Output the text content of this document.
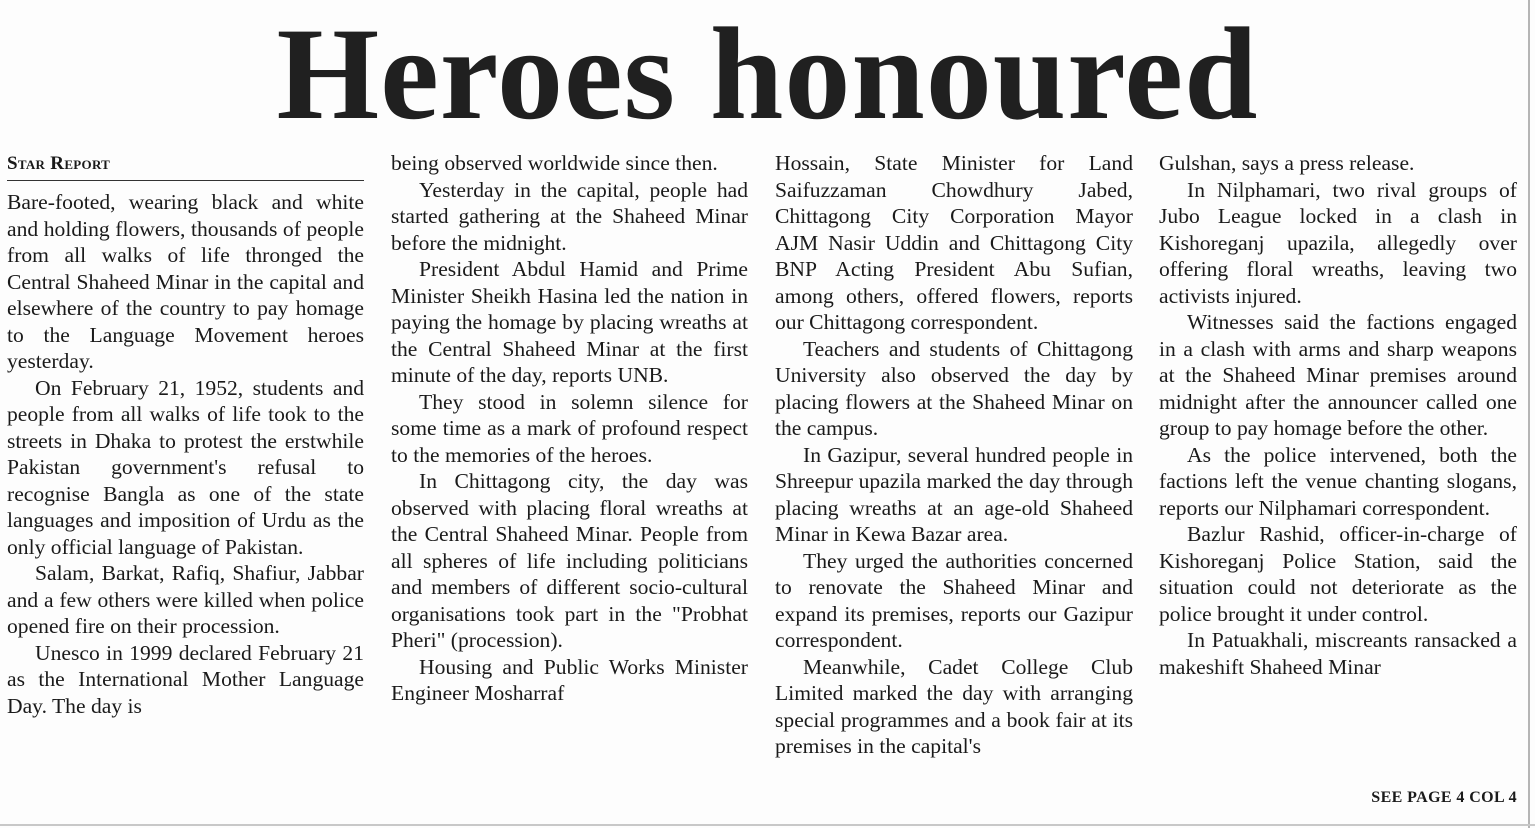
Heroes honoured
Star Report

Bare-footed, wearing black and white and holding flowers, thousands of people from all walks of life thronged the Central Shaheed Minar in the capital and elsewhere of the country to pay homage to the Language Movement heroes yesterday.

On February 21, 1952, students and people from all walks of life took to the streets in Dhaka to protest the erstwhile Pakistan government's refusal to recognise Bangla as one of the state languages and imposition of Urdu as the only official language of Pakistan.

Salam, Barkat, Rafiq, Shafiur, Jabbar and a few others were killed when police opened fire on their procession.

Unesco in 1999 declared February 21 as the International Mother Language Day. The day is

being observed worldwide since then.

Yesterday in the capital, people had started gathering at the Shaheed Minar before the midnight.

President Abdul Hamid and Prime Minister Sheikh Hasina led the nation in paying the homage by placing wreaths at the Central Shaheed Minar at the first minute of the day, reports UNB.

They stood in solemn silence for some time as a mark of profound respect to the memories of the heroes.

In Chittagong city, the day was observed with placing floral wreaths at the Central Shaheed Minar. People from all spheres of life including politicians and members of different socio-cultural organisations took part in the "Probhat Pheri" (procession).

Housing and Public Works Minister Engineer Mosharraf

Hossain, State Minister for Land Saifuzzaman Chowdhury Jabed, Chittagong City Corporation Mayor AJM Nasir Uddin and Chittagong City BNP Acting President Abu Sufian, among others, offered flowers, reports our Chittagong correspondent.

Teachers and students of Chittagong University also observed the day by placing flowers at the Shaheed Minar on the campus.

In Gazipur, several hundred people in Shreepur upazila marked the day through placing wreaths at an age-old Shaheed Minar in Kewa Bazar area.

They urged the authorities concerned to renovate the Shaheed Minar and expand its premises, reports our Gazipur correspondent.

Meanwhile, Cadet College Club Limited marked the day with arranging special programmes and a book fair at its premises in the capital's

Gulshan, says a press release.

In Nilphamari, two rival groups of Jubo League locked in a clash in Kishoreganj upazila, allegedly over offering floral wreaths, leaving two activists injured.

Witnesses said the factions engaged in a clash with arms and sharp weapons at the Shaheed Minar premises around midnight after the announcer called one group to pay homage before the other.

As the police intervened, both the factions left the venue chanting slogans, reports our Nilphamari correspondent.

Bazlur Rashid, officer-in-charge of Kishoreganj Police Station, said the situation could not deteriorate as the police brought it under control.

In Patuakhali, miscreants ransacked a makeshift Shaheed Minar

SEE PAGE 4 COL 4
